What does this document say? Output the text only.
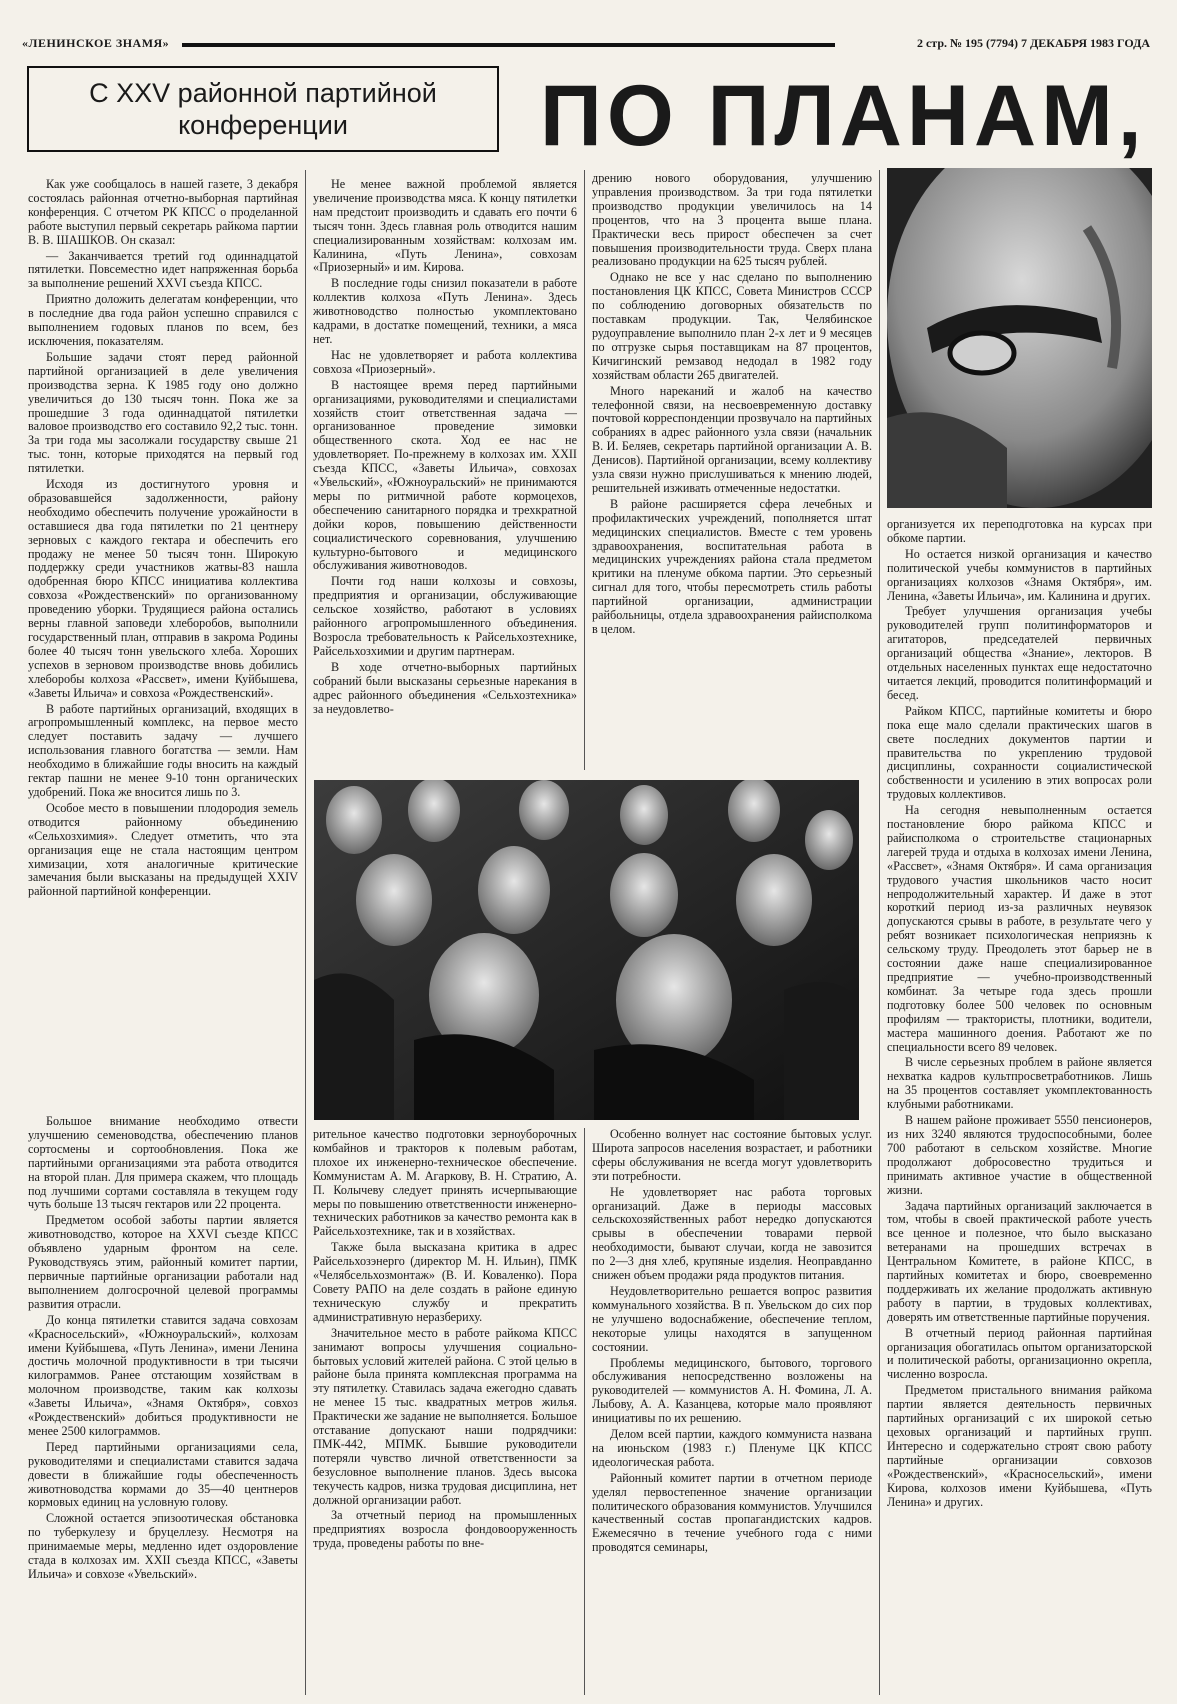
«ЛЕНИНСКОЕ ЗНАМЯ»	2 стр. № 195 (7794) 7 ДЕКАБРЯ 1983 ГОДА
С XXV районной партийной
конференции	ПО ПЛАНАМ,

Как уже сообщалось в нашей газете, 3 декабря состоялась районная отчетно-выборная партийная конференция. С отчетом РК КПСС о проделанной работе выступил первый секретарь райкома партии В. В. ШАШКОВ. Он сказал:

— Заканчивается третий год одиннадцатой пятилетки. Повсеместно идет напряженная борьба за выполнение решений XXVI съезда КПСС.

Приятно доложить делегатам конференции, что в последние два года район успешно справился с выполнением годовых планов по всем, без исключения, показателям.

Большие задачи стоят перед районной партийной организацией в деле увеличения производства зерна. К 1985 году оно должно увеличиться до 130 тысяч тонн. Пока же за прошедшие 3 года одиннадцатой пятилетки валовое производство его составило 92,2 тыс. тонн. За три года мы засолжали государству свыше 21 тыс. тонн, которые приходятся на первый год пятилетки.

Исходя из достигнутого уровня и образовавшейся задолженности, району необходимо обеспечить получение урожайности в оставшиеся два года пятилетки по 21 центнеру зерновых с каждого гектара и обеспечить его продажу не менее 50 тысяч тонн. Широкую поддержку среди участников жатвы-83 нашла одобренная бюро КПСС инициатива коллектива совхоза «Рождественский» по организованному проведению уборки. Трудящиеся района остались верны главной заповеди хлеборобов, выполнили государственный план, отправив в закрома Родины более 40 тысяч тонн увельского хлеба. Хороших успехов в зерновом производстве вновь добились хлеборобы колхоза «Рассвет», имени Куйбышева, «Заветы Ильича» и совхоза «Рождественский».

В работе партийных организаций, входящих в агропромышленный комплекс, на первое место следует поставить задачу — лучшего использования главного богатства — земли. Нам необходимо в ближайшие годы вносить на каждый гектар пашни не менее 9-10 тонн органических удобрений. Пока же вносится лишь по 3.

Особое место в повышении плодородия земель отводится районному объединению «Сельхозхимия». Следует отметить, что эта организация еще не стала настоящим центром химизации, хотя аналогичные критические замечания были высказаны на предыдущей XXIV районной партийной конференции.

Большое внимание необходимо отвести улучшению семеноводства, обеспечению планов сортосмены и сортообновления. Пока же партийными организациями эта работа отводится на второй план. Для примера скажем, что площадь под лучшими сортами составляла в текущем году чуть больше 13 тысяч гектаров или 22 процента.

Предметом особой заботы партии является животноводство, которое на XXVI съезде КПСС объявлено ударным фронтом на селе. Руководствуясь этим, районный комитет партии, первичные партийные организации работали над выполнением долгосрочной целевой программы развития отрасли.

До конца пятилетки ставится задача совхозам «Красносельский», «Южноуральский», колхозам имени Куйбышева, «Путь Ленина», имени Ленина достичь молочной продуктивности в три тысячи килограммов. Ранее отстающим хозяйствам в молочном производстве, таким как колхозы «Заветы Ильича», «Знамя Октября», совхоз «Рождественский» добиться продуктивности не менее 2500 килограммов.

Перед партийными организациями села, руководителями и специалистами ставится задача довести в ближайшие годы обеспеченность животноводства кормами до 35—40 центнеров кормовых единиц на условную голову.

Сложной остается эпизоотическая обстановка по туберкулезу и бруцеллезу. Несмотря на принимаемые меры, медленно идет оздоровление стада в колхозах им. XXII съезда КПСС, «Заветы Ильича» и совхозе «Увельский».

Не менее важной проблемой является увеличение производства мяса. К концу пятилетки нам предстоит производить и сдавать его почти 6 тысяч тонн. Здесь главная роль отводится нашим специализированным хозяйствам: колхозам им. Калинина, «Путь Ленина», совхозам «Приозерный» и им. Кирова.

В последние годы снизил показатели в работе коллектив колхоза «Путь Ленина». Здесь животноводство полностью укомплектовано кадрами, в достатке помещений, техники, а мяса нет.

Нас не удовлетворяет и работа коллектива совхоза «Приозерный».

В настоящее время перед партийными организациями, руководителями и специалистами хозяйств стоит ответственная задача — организованное проведение зимовки общественного скота. Ход ее нас не удовлетворяет. По-прежнему в колхозах им. XXII съезда КПСС, «Заветы Ильича», совхозах «Увельский», «Южноуральский» не принимаются меры по ритмичной работе кормоцехов, обеспечению санитарного порядка и трехкратной дойки коров, повышению действенности социалистического соревнования, улучшению культурно-бытового и медицинского обслуживания животноводов.

Почти год наши колхозы и совхозы, предприятия и организации, обслуживающие сельское хозяйство, работают в условиях районного агропромышленного объединения. Возросла требовательность к Райсельхозтехнике, Райсельхозхимии и другим партнерам.

В ходе отчетно-выборных партийных собраний были высказаны серьезные нарекания в адрес районного объединения «Сельхозтехника» за неудовлетво-

дрению нового оборудования, улучшению управления производством. За три года пятилетки производство продукции увеличилось на 14 процентов, что на 3 процента выше плана. Практически весь прирост обеспечен за счет повышения производительности труда. Сверх плана реализовано продукции на 625 тысяч рублей.

Однако не все у нас сделано по выполнению постановления ЦК КПСС, Совета Министров СССР по соблюдению договорных обязательств по поставкам продукции. Так, Челябинское рудоуправление выполнило план 2-х лет и 9 месяцев по отгрузке сырья поставщикам на 87 процентов, Кичигинский ремзавод недодал в 1982 году хозяйствам области 265 двигателей.

Много нареканий и жалоб на качество телефонной связи, на несвоевременную доставку почтовой корреспонденции прозвучало на партийных собраниях в адрес районного узла связи (начальник В. И. Беляев, секретарь партийной организации А. В. Денисов). Партийной организации, всему коллективу узла связи нужно прислушиваться к мнению людей, решительней изживать отмеченные недостатки.

В районе расширяется сфера лечебных и профилактических учреждений, пополняется штат медицинских специалистов. Вместе с тем уровень здравоохранения, воспитательная работа в медицинских учреждениях района стала предметом критики на пленуме обкома партии. Это серьезный сигнал для того, чтобы пересмотреть стиль работы партийной организации, администрации райбольницы, отдела здравоохранения райисполкома в целом.

организуется их переподготовка на курсах при обкоме партии.

Но остается низкой организация и качество политической учебы коммунистов в партийных организациях колхозов «Знамя Октября», им. Ленина, «Заветы Ильича», им. Калинина и других.

Требует улучшения организация учебы руководителей групп политинформаторов и агитаторов, председателей первичных организаций общества «Знание», лекторов. В отдельных населенных пунктах еще недостаточно читается лекций, проводится политинформаций и бесед.

Райком КПСС, партийные комитеты и бюро пока еще мало сделали практических шагов в свете последних документов партии и правительства по укреплению трудовой дисциплины, сохранности социалистической собственности и усилению в этих вопросах роли трудовых коллективов.

На сегодня невыполненным остается постановление бюро райкома КПСС и райисполкома о строительстве стационарных лагерей труда и отдыха в колхозах имени Ленина, «Рассвет», «Знамя Октября». И сама организация трудового участия школьников часто носит непродолжительный характер. И даже в этот короткий период из-за различных неувязок допускаются срывы в работе, в результате чего у ребят возникает психологическая неприязнь к сельскому труду. Преодолеть этот барьер не в состоянии даже наше специализированное предприятие — учебно-производственный комбинат. За четыре года здесь прошли подготовку более 500 человек по основным профилям — трактористы, плотники, водители, мастера машинного доения. Работают же по специальности всего 89 человек.

В числе серьезных проблем в районе является нехватка кадров культпросветработников. Лишь на 35 процентов составляет укомплектованность клубными работниками.

В нашем районе проживает 5550 пенсионеров, из них 3240 являются трудоспособными, более 700 работают в сельском хозяйстве. Многие продолжают добросовестно трудиться и принимать активное участие в общественной жизни.

Задача партийных организаций заключается в том, чтобы в своей практической работе учесть все ценное и полезное, что было высказано ветеранами на прошедших встречах в Центральном Комитете, в районе КПСС, в партийных комитетах и бюро, своевременно поддерживать их желание продолжать активную работу в партии, в трудовых коллективах, доверять им ответственные партийные поручения.

В отчетный период районная партийная организация обогатилась опытом организаторской и политической работы, организационно окрепла, численно возросла.

Предметом пристального внимания райкома партии является деятельность первичных партийных организаций с их широкой сетью цеховых организаций и партийных групп. Интересно и содержательно строят свою работу партийные организации совхозов «Рождественский», «Красносельский», имени Кирова, колхозов имени Куйбышева, «Путь Ленина» и других.

рительное качество подготовки зерноуборочных комбайнов и тракторов к полевым работам, плохое их инженерно-техническое обеспечение. Коммунистам А. М. Агаркову, В. Н. Стратию, А. П. Колычеву следует принять исчерпывающие меры по повышению ответственности инженерно-технических работников за качество ремонта как в Райсельхозтехнике, так и в хозяйствах.

Также была высказана критика в адрес Райсельхозэнерго (директор М. Н. Ильин), ПМК «Челябсельхозмонтаж» (В. И. Коваленко). Пора Совету РАПО на деле создать в районе единую техническую службу и прекратить административную неразбериху.

Значительное место в работе райкома КПСС занимают вопросы улучшения социально-бытовых условий жителей района. С этой целью в районе была принята комплексная программа на эту пятилетку. Ставилась задача ежегодно сдавать не менее 15 тыс. квадратных метров жилья. Практически же задание не выполняется. Большое отставание допускают наши подрядчики: ПМК-442, МПМК. Бывшие руководители потеряли чувство личной ответственности за безусловное выполнение планов. Здесь высока текучесть кадров, низка трудовая дисциплина, нет должной организации работ.

За отчетный период на промышленных предприятиях возросла фондовооруженность труда, проведены работы по вне-

Особенно волнует нас состояние бытовых услуг. Широта запросов населения возрастает, и работники сферы обслуживания не всегда могут удовлетворить эти потребности.

Не удовлетворяет нас работа торговых организаций. Даже в периоды массовых сельскохозяйственных работ нередко допускаются срывы в обеспечении товарами первой необходимости, бывают случаи, когда не завозится по 2—3 дня хлеб, крупяные изделия. Неоправданно снижен объем продажи ряда продуктов питания.

Неудовлетворительно решается вопрос развития коммунального хозяйства. В п. Увельском до сих пор не улучшено водоснабжение, обеспечение теплом, некоторые улицы находятся в запущенном состоянии.

Проблемы медицинского, бытового, торгового обслуживания непосредственно возложены на руководителей — коммунистов А. Н. Фомина, Л. А. Лыбову, А. А. Казанцева, которые мало проявляют инициативы по их решению.

Делом всей партии, каждого коммуниста названа на июньском (1983 г.) Пленуме ЦК КПСС идеологическая работа.

Районный комитет партии в отчетном периоде уделял первостепенное значение организации политического образования коммунистов. Улучшился качественный состав пропагандистских кадров. Ежемесячно в течение учебного года с ними проводятся семинары,
